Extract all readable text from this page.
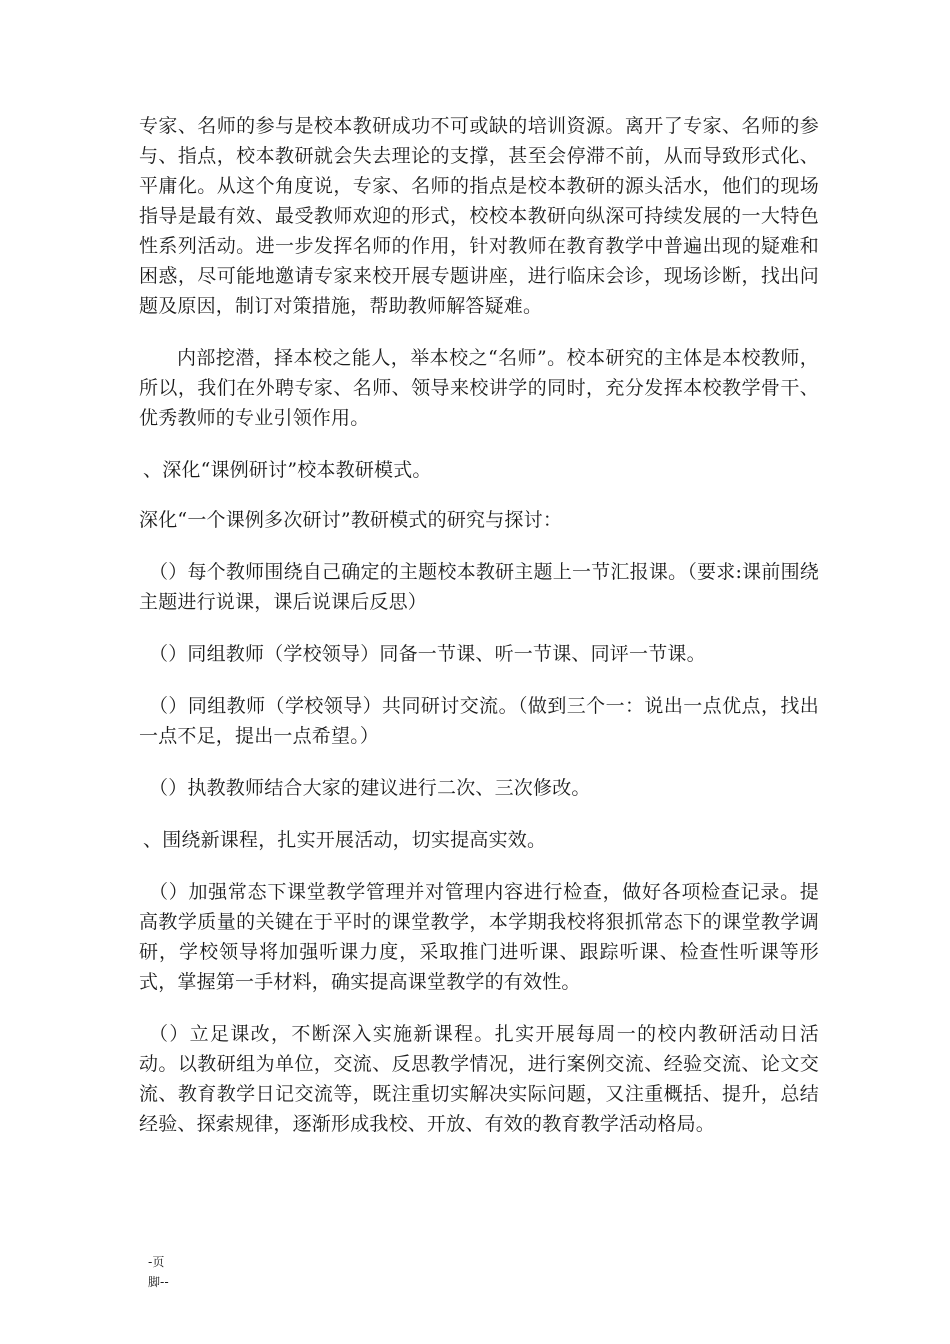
专家、名师的参与是校本教研成功不可或缺的培训资源。离开了专家、名师的参与、指点，校本教研就会失去理论的支撑，甚至会停滞不前，从而导致形式化、平庸化。从这个角度说，专家、名师的指点是校本教研的源头活水，他们的现场指导是最有效、最受教师欢迎的形式，校校本教研向纵深可持续发展的一大特色性系列活动。进一步发挥名师的作用，针对教师在教育教学中普遍出现的疑难和困惑，尽可能地邀请专家来校开展专题讲座，进行临床会诊，现场诊断，找出问题及原因，制订对策措施，帮助教师解答疑难。

内部挖潜，择本校之能人，举本校之“名师”。校本研究的主体是本校教师，所以，我们在外聘专家、名师、领导来校讲学的同时，充分发挥本校教学骨干、优秀教师的专业引领作用。

、深化“课例研讨”校本教研模式。

深化“一个课例多次研讨”教研模式的研究与探讨：

（）每个教师围绕自己确定的主题校本教研主题上一节汇报课。（要求:课前围绕主题进行说课，课后说课后反思）

（）同组教师（学校领导）同备一节课、听一节课、同评一节课。

（）同组教师（学校领导）共同研讨交流。（做到三个一：说出一点优点，找出一点不足，提出一点希望。）

（）执教教师结合大家的建议进行二次、三次修改。

、围绕新课程，扎实开展活动，切实提高实效。

（）加强常态下课堂教学管理并对管理内容进行检查，做好各项检查记录。提高教学质量的关键在于平时的课堂教学，本学期我校将狠抓常态下的课堂教学调研，学校领导将加强听课力度，采取推门进听课、跟踪听课、检查性听课等形式，掌握第一手材料，确实提高课堂教学的有效性。

（）立足课改，不断深入实施新课程。扎实开展每周一的校内教研活动日活动。以教研组为单位，交流、反思教学情况，进行案例交流、经验交流、论文交流、教育教学日记交流等，既注重切实解决实际问题，又注重概括、提升，总结经验、探索规律，逐渐形成我校、开放、有效的教育教学活动格局。

-页
脚--
